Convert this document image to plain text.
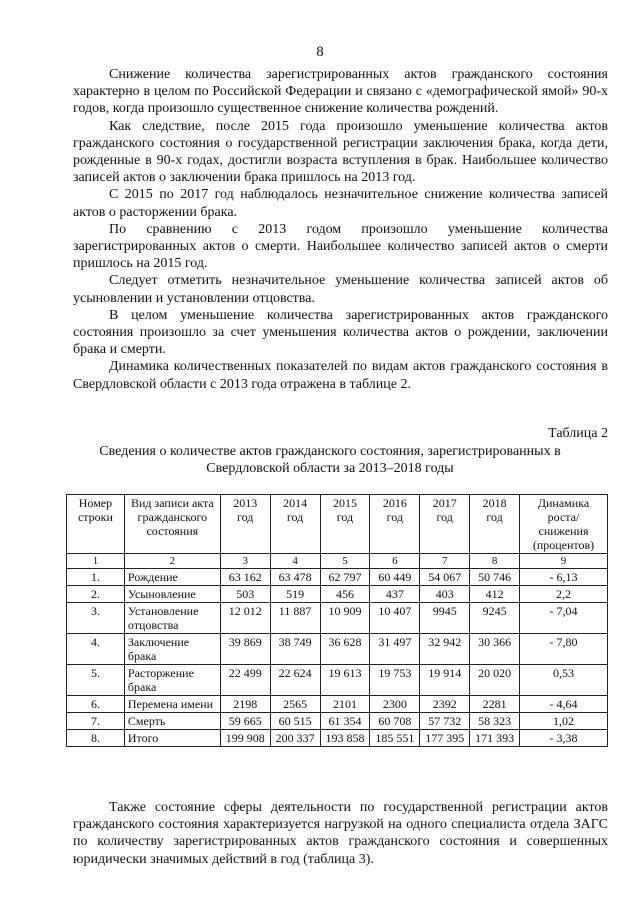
8

Снижение количества зарегистрированных актов гражданского состояния характерно в целом по Российской Федерации и связано с «демографической ямой» 90-х годов, когда произошло существенное снижение количества рождений.

Как следствие, после 2015 года произошло уменьшение количества актов гражданского состояния о государственной регистрации заключения брака, когда дети, рожденные в 90-х годах, достигли возраста вступления в брак. Наибольшее количество записей актов о заключении брака пришлось на 2013 год.

С 2015 по 2017 год наблюдалось незначительное снижение количества записей актов о расторжении брака.

По сравнению с 2013 годом произошло уменьшение количества зарегистрированных актов о смерти. Наибольшее количество записей актов о смерти пришлось на 2015 год.

Следует отметить незначительное уменьшение количества записей актов об усыновлении и установлении отцовства.

В целом уменьшение количества зарегистрированных актов гражданского состояния произошло за счет уменьшения количества актов о рождении, заключении брака и смерти.

Динамика количественных показателей по видам актов гражданского состояния в Свердловской области с 2013 года отражена в таблице 2.

Таблица 2
Сведения о количестве актов гражданского состояния, зарегистрированных в Свердловской области за 2013–2018 годы
Номер строки	Вид записи акта гражданского состояния	2013 год	2014 год	2015 год	2016 год	2017 год	2018 год	Динамика роста/ снижения (процентов)
1	2	3	4	5	6	7	8	9
1.	Рождение	63 162	63 478	62 797	60 449	54 067	50 746	- 6,13
2.	Усыновление	503	519	456	437	403	412	2,2
3.	Установление отцовства	12 012	11 887	10 909	10 407	9945	9245	- 7,04
4.	Заключение брака	39 869	38 749	36 628	31 497	32 942	30 366	- 7,80
5.	Расторжение брака	22 499	22 624	19 613	19 753	19 914	20 020	0,53
6.	Перемена имени	2198	2565	2101	2300	2392	2281	- 4,64
7.	Смерть	59 665	60 515	61 354	60 708	57 732	58 323	1,02
8.	Итого	199 908	200 337	193 858	185 551	177 395	171 393	- 3,38

Также состояние сферы деятельности по государственной регистрации актов гражданского состояния характеризуется нагрузкой на одного специалиста отдела ЗАГС по количеству зарегистрированных актов гражданского состояния и совершенных юридически значимых действий в год (таблица 3).
